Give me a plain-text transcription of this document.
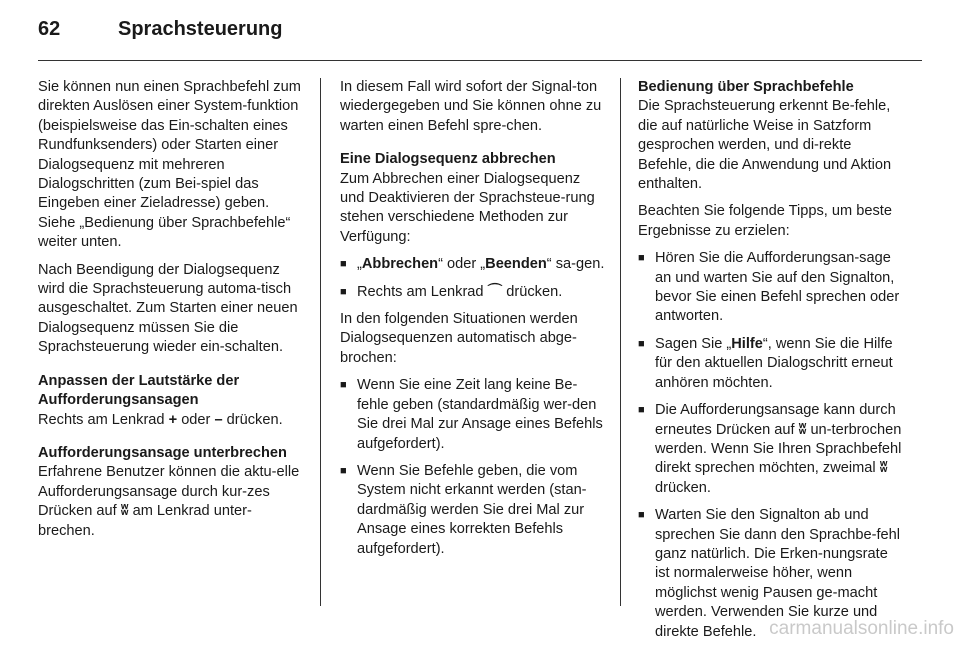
62	Sprachsteuerung

Sie können nun einen Sprachbefehl zum direkten Auslösen einer System-funktion (beispielsweise das Ein-schalten eines Rundfunksenders) oder Starten einer Dialogsequenz mit mehreren Dialogschritten (zum Bei-spiel das Eingeben einer Zieladresse) geben. Siehe „Bedienung über Sprachbefehle“ weiter unten.

Nach Beendigung der Dialogsequenz wird die Sprachsteuerung automa-tisch ausgeschaltet. Zum Starten einer neuen Dialogsequenz müssen Sie die Sprachsteuerung wieder ein-schalten.

Anpassen der Lautstärke der Aufforderungsansagen

Rechts am Lenkrad + oder – drücken.

Aufforderungsansage unterbrechen

Erfahrene Benutzer können die aktu-elle Aufforderungsansage durch kur-zes Drücken auf ʬ am Lenkrad unter-brechen.

In diesem Fall wird sofort der Signal-ton wiedergegeben und Sie können ohne zu warten einen Befehl spre-chen.

Eine Dialogsequenz abbrechen

Zum Abbrechen einer Dialogsequenz und Deaktivieren der Sprachsteue-rung stehen verschiedene Methoden zur Verfügung:

■ „Abbrechen“ oder „Beenden“ sa-gen.
■ Rechts am Lenkrad ⌒ drücken.

In den folgenden Situationen werden Dialogsequenzen automatisch abge-brochen:

■ Wenn Sie eine Zeit lang keine Be-fehle geben (standardmäßig wer-den Sie drei Mal zur Ansage eines Befehls aufgefordert).
■ Wenn Sie Befehle geben, die vom System nicht erkannt werden (stan-dardmäßig werden Sie drei Mal zur Ansage eines korrekten Befehls aufgefordert).

Bedienung über Sprachbefehle

Die Sprachsteuerung erkennt Be-fehle, die auf natürliche Weise in Satzform gesprochen werden, und di-rekte Befehle, die die Anwendung und Aktion enthalten.

Beachten Sie folgende Tipps, um beste Ergebnisse zu erzielen:

■ Hören Sie die Aufforderungsan-sage an und warten Sie auf den Signalton, bevor Sie einen Befehl sprechen oder antworten.
■ Sagen Sie „Hilfe“, wenn Sie die Hilfe für den aktuellen Dialogschritt erneut anhören möchten.
■ Die Aufforderungsansage kann durch erneutes Drücken auf ʬ un-terbrochen werden. Wenn Sie Ihren Sprachbefehl direkt sprechen möchten, zweimal ʬ drücken.
■ Warten Sie den Signalton ab und sprechen Sie dann den Sprachbe-fehl ganz natürlich. Die Erken-nungsrate ist normalerweise höher, wenn möglichst wenig Pausen ge-macht werden. Verwenden Sie kurze und direkte Befehle. carmanualsonline.info
